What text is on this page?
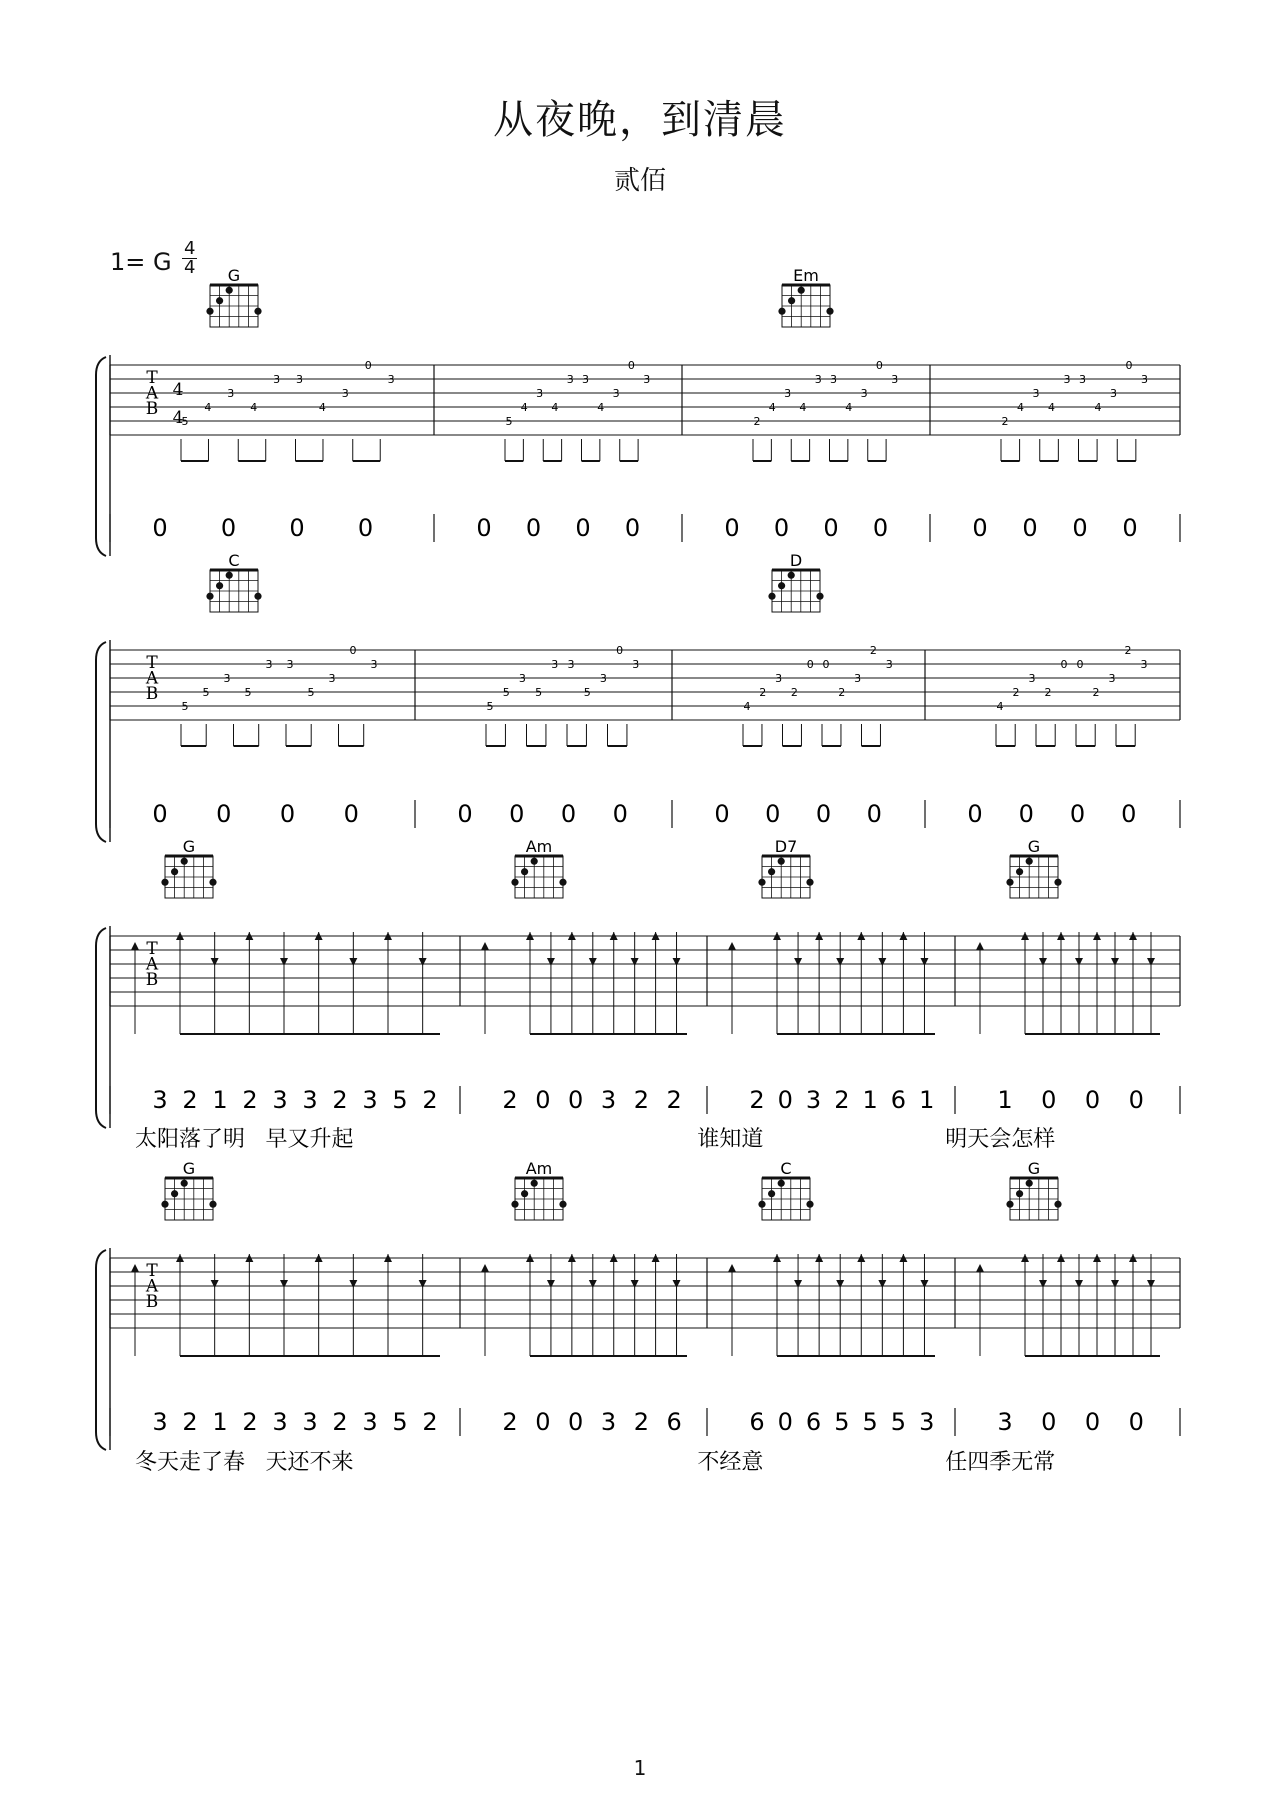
从夜晚，到清晨
贰佰
1= G 4
4
T
A
B
4
4
G	Em
5
4
3
4
3 3
4
3
0
3
0 0 0 0
5
4
3
4
3 3
4
3
0
3
0 0 0 0
2
4
3
4
3 3
4
3
0
3
0 0 0 0
2
4
3
4
3 3
4
3
0
3
0 0 0 0
T
A
B
C	D
5
5
3
5
3 3
5
3
0
3
0 0 0 0
5
5
3
5
3 3
5
3
0
3
0 0 0 0
4
2
3
2
0 0
2
3
2
3
0 0 0 0
4
2
3
2
0 0
2
3
2
3
0 0 0 0
T
A
B
G	Am	D7	G
3 2 1 2 3 3 2 3 5 2	2 0 0 3 2 2	2 0 3 2 1 6 1	1 0 0 0
太阳落了明 早又升起	谁知道	明天会怎样
T
A
B
G	Am	C	G
3 2 1 2 3 3 2 3 5 2	2 0 0 3 2 6	6 0 6 5 5 5 3	3 0 0 0
冬天走了春 天还不来	不经意	任四季无常
1
